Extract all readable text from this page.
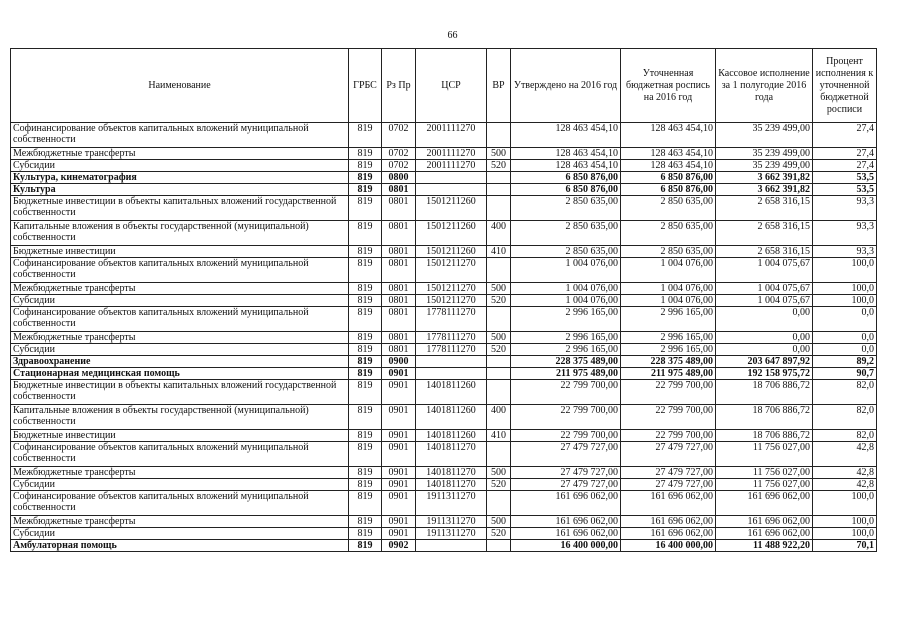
66
Наименование	ГРБС	Рз Пр	ЦСР	ВР	Утверждено на 2016 год	Уточненная бюджетная роспись на 2016 год	Кассовое исполнение за 1 полугодие 2016 года	Процент исполнения к уточненной бюджетной росписи
Софинансирование объектов капитальных вложений муниципальной собственности	819	0702	2001111270		128 463 454,10	128 463 454,10	35 239 499,00	27,4
Межбюджетные трансферты	819	0702	2001111270	500	128 463 454,10	128 463 454,10	35 239 499,00	27,4
Субсидии	819	0702	2001111270	520	128 463 454,10	128 463 454,10	35 239 499,00	27,4
Культура, кинематография	819	0800			6 850 876,00	6 850 876,00	3 662 391,82	53,5
Культура	819	0801			6 850 876,00	6 850 876,00	3 662 391,82	53,5
Бюджетные инвестиции в объекты капитальных вложений государственной собственности	819	0801	1501211260		2 850 635,00	2 850 635,00	2 658 316,15	93,3
Капитальные вложения в объекты государственной (муниципальной) собственности	819	0801	1501211260	400	2 850 635,00	2 850 635,00	2 658 316,15	93,3
Бюджетные инвестиции	819	0801	1501211260	410	2 850 635,00	2 850 635,00	2 658 316,15	93,3
Софинансирование объектов капитальных вложений муниципальной собственности	819	0801	1501211270		1 004 076,00	1 004 076,00	1 004 075,67	100,0
Межбюджетные трансферты	819	0801	1501211270	500	1 004 076,00	1 004 076,00	1 004 075,67	100,0
Субсидии	819	0801	1501211270	520	1 004 076,00	1 004 076,00	1 004 075,67	100,0
Софинансирование объектов капитальных вложений муниципальной собственности	819	0801	1778111270		2 996 165,00	2 996 165,00	0,00	0,0
Межбюджетные трансферты	819	0801	1778111270	500	2 996 165,00	2 996 165,00	0,00	0,0
Субсидии	819	0801	1778111270	520	2 996 165,00	2 996 165,00	0,00	0,0
Здравоохранение	819	0900			228 375 489,00	228 375 489,00	203 647 897,92	89,2
Стационарная медицинская помощь	819	0901			211 975 489,00	211 975 489,00	192 158 975,72	90,7
Бюджетные инвестиции в объекты капитальных вложений государственной собственности	819	0901	1401811260		22 799 700,00	22 799 700,00	18 706 886,72	82,0
Капитальные вложения в объекты государственной (муниципальной) собственности	819	0901	1401811260	400	22 799 700,00	22 799 700,00	18 706 886,72	82,0
Бюджетные инвестиции	819	0901	1401811260	410	22 799 700,00	22 799 700,00	18 706 886,72	82,0
Софинансирование объектов капитальных вложений муниципальной собственности	819	0901	1401811270		27 479 727,00	27 479 727,00	11 756 027,00	42,8
Межбюджетные трансферты	819	0901	1401811270	500	27 479 727,00	27 479 727,00	11 756 027,00	42,8
Субсидии	819	0901	1401811270	520	27 479 727,00	27 479 727,00	11 756 027,00	42,8
Софинансирование объектов капитальных вложений муниципальной собственности	819	0901	1911311270		161 696 062,00	161 696 062,00	161 696 062,00	100,0
Межбюджетные трансферты	819	0901	1911311270	500	161 696 062,00	161 696 062,00	161 696 062,00	100,0
Субсидии	819	0901	1911311270	520	161 696 062,00	161 696 062,00	161 696 062,00	100,0
Амбулаторная помощь	819	0902			16 400 000,00	16 400 000,00	11 488 922,20	70,1
